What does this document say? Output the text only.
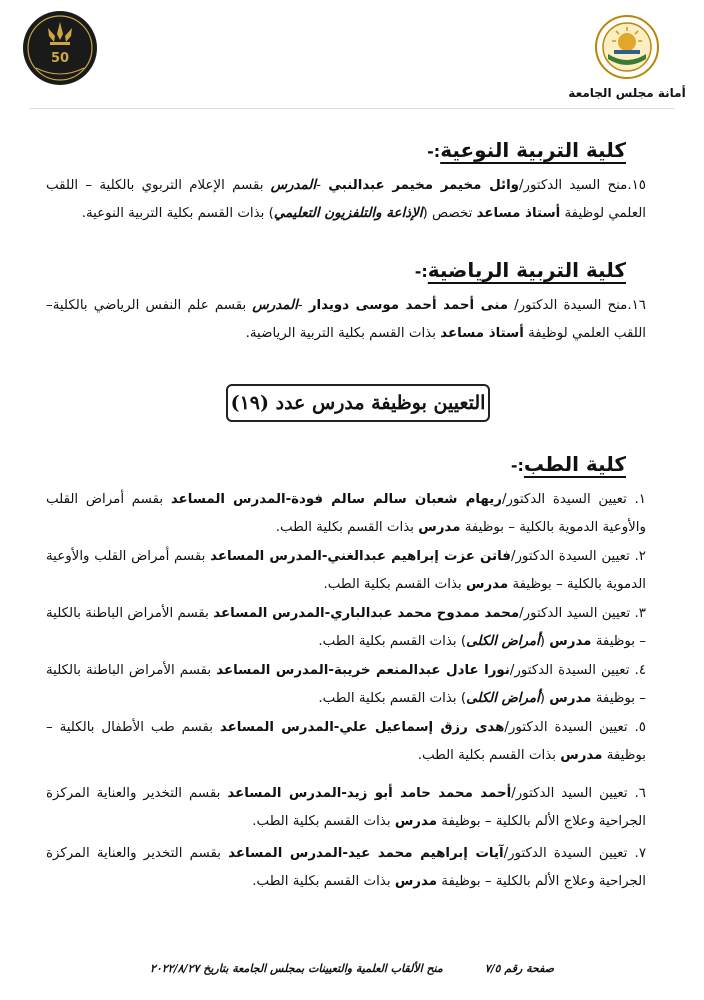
أمانة مجلس الجامعة
50
كلية التربية النوعية:-
١٥.منح السيد الدكتور/وائل مخيمر مخيمر عبدالنبي -المدرس بقسم الإعلام التربوي بالكلية – اللقب العلمي لوظيفة أستاذ مساعد تخصص (الإذاعة والتلفزيون التعليمي) بذات القسم بكلية التربية النوعية.
كلية التربية الرياضية:-
١٦.منح السيدة الدكتور/ منى أحمد أحمد موسى دويدار -المدرس بقسم علم النفس الرياضي بالكلية– اللقب العلمي لوظيفة أستاذ مساعد بذات القسم بكلية التربية الرياضية.
التعيين بوظيفة مدرس عدد (١٩)
كلية الطب:-
١. تعيين السيدة الدكتور/ريهام شعبان سالم سالم فودة-المدرس المساعد بقسم أمراض القلب والأوعية الدموية بالكلية – بوظيفة مدرس بذات القسم بكلية الطب.
٢. تعيين السيدة الدكتور/فاتن عزت إبراهيم عبدالغني-المدرس المساعد بقسم أمراض القلب والأوعية الدموية بالكلية – بوظيفة مدرس بذات القسم بكلية الطب.
٣. تعيين السيد الدكتور/محمد ممدوح محمد عبدالباري-المدرس المساعد بقسم الأمراض الباطنة بالكلية – بوظيفة مدرس (أمراض الكلى) بذات القسم بكلية الطب.
٤. تعيين السيدة الدكتور/نورا عادل عبدالمنعم خريبة-المدرس المساعد بقسم الأمراض الباطنة بالكلية – بوظيفة مدرس (أمراض الكلى) بذات القسم بكلية الطب.
٥. تعيين السيدة الدكتور/هدى رزق إسماعيل علي-المدرس المساعد بقسم طب الأطفال بالكلية – بوظيفة مدرس بذات القسم بكلية الطب.
٦. تعيين السيد الدكتور/أحمد محمد حامد أبو زيد-المدرس المساعد بقسم التخدير والعناية المركزة الجراحية وعلاج الألم بالكلية – بوظيفة مدرس بذات القسم بكلية الطب.
٧. تعيين السيدة الدكتور/آيات إبراهيم محمد عيد-المدرس المساعد بقسم التخدير والعناية المركزة الجراحية وعلاج الألم بالكلية – بوظيفة مدرس بذات القسم بكلية الطب.
صفحة رقم ٧/٥
منح الألقاب العلمية والتعيينات بمجلس الجامعة بتاريخ ٢٠٢٢/٨/٢٧
